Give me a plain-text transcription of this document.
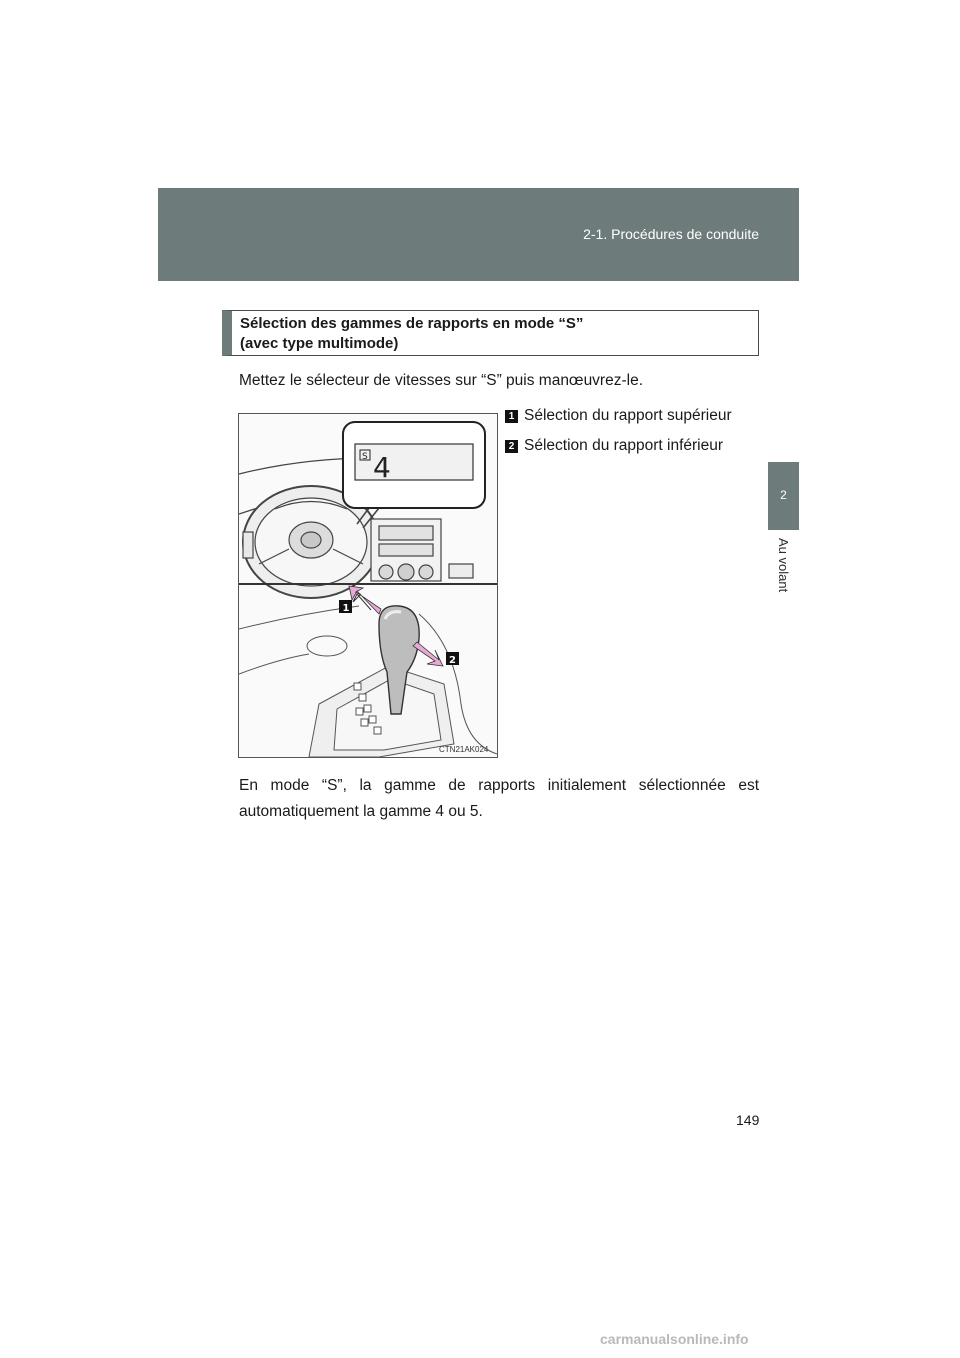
2-1. Procédures de conduite
2
Au volant
Sélection des gammes de rapports en mode “S”
(avec type multimode)
Mettez le sélecteur de vitesses sur “S” puis manœuvrez-le.
1 Sélection du rapport supérieur
2 Sélection du rapport inférieur
S 4
1
2
CTN21AK024
En mode “S”, la gamme de rapports initialement sélectionnée est automatiquement la gamme 4 ou 5.
149
carmanualsonline.info
